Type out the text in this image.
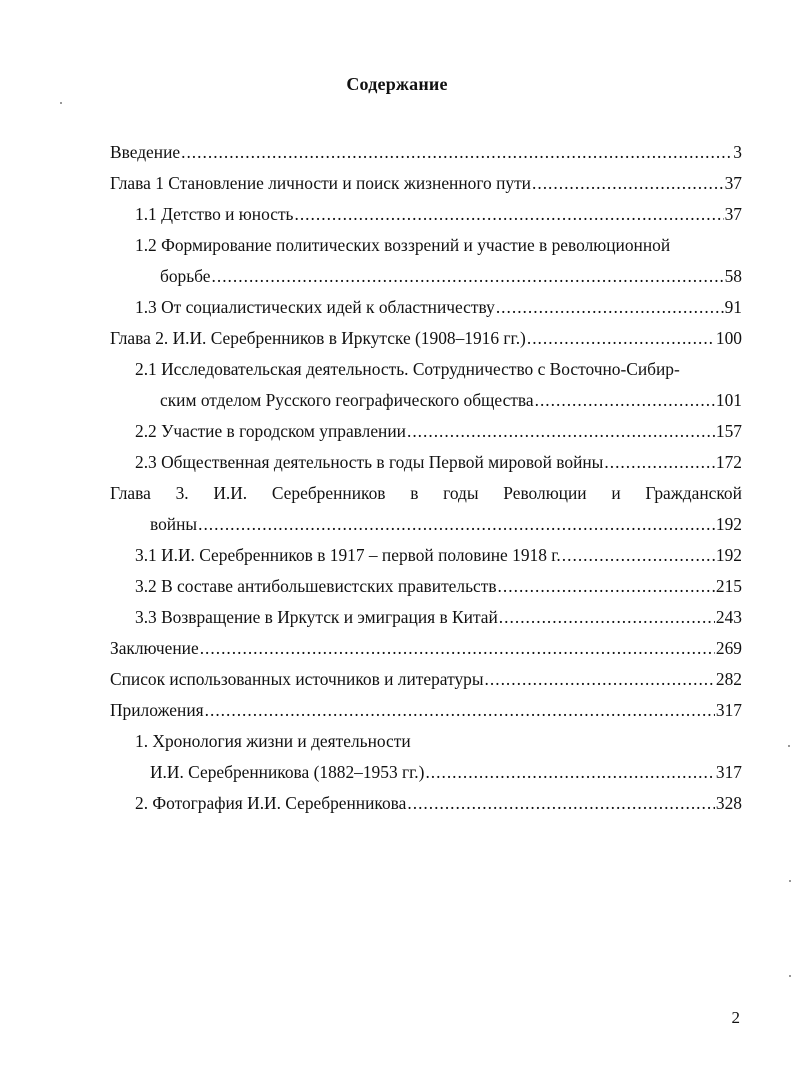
Содержание
Введение .....	3
Глава 1 Становление личности и поиск жизненного пути .....	37
1.1 Детство и юность .....	37
1.2 Формирование политических воззрений и участие в революционной
борьбе .....	58
1.3 От социалистических идей к областничеству .....	91
Глава 2. И.И. Серебренников в Иркутске (1908–1916 гг.) .....	100
2.1 Исследовательская деятельность. Сотрудничество с Восточно-Сибир-
ским отделом Русского географического общества .....	101
2.2 Участие в городском управлении .....	157
2.3 Общественная деятельность в годы Первой мировой войны .....	172
Глава 3. И.И. Серебренников в годы Революции и Гражданской
войны .....	192
3.1 И.И. Серебренников в 1917 – первой половине 1918 г. .....	192
3.2 В составе антибольшевистских правительств .....	215
3.3 Возвращение в Иркутск и эмиграция в Китай .....	243
Заключение .....	269
Список использованных источников и литературы .....	282
Приложения .....	317
1. Хронология жизни и деятельности
И.И. Серебренникова (1882–1953 гг.) .....	317
2. Фотография И.И. Серебренникова .....	328
2
